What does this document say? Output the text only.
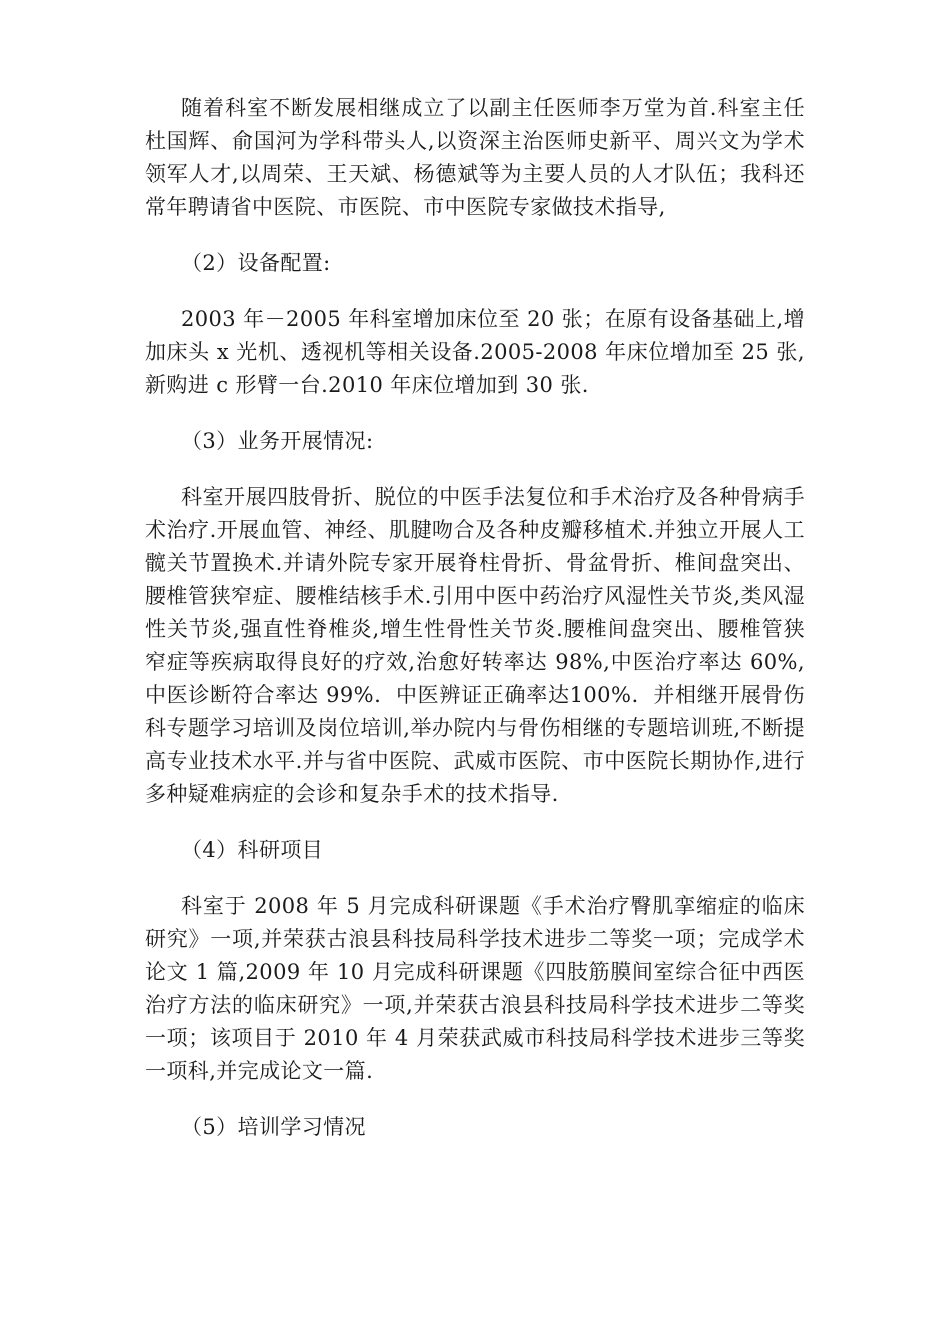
随着科室不断发展相继成立了以副主任医师李万堂为首.科室主任杜国辉、俞国河为学科带头人,以资深主治医师史新平、周兴文为学术领军人才,以周荣、王天斌、杨德斌等为主要人员的人才队伍；我科还常年聘请省中医院、市医院、市中医院专家做技术指导,

（2）设备配置:

2003 年－2005 年科室增加床位至 20 张；在原有设备基础上,增加床头 x 光机、透视机等相关设备.2005-2008 年床位增加至 25 张,新购进 c 形臂一台.2010 年床位增加到 30 张.

（3）业务开展情况:

科室开展四肢骨折、脱位的中医手法复位和手术治疗及各种骨病手术治疗.开展血管、神经、肌腱吻合及各种皮瓣移植术.并独立开展人工髋关节置换术.并请外院专家开展脊柱骨折、骨盆骨折、椎间盘突出、腰椎管狭窄症、腰椎结核手术.引用中医中药治疗风湿性关节炎,类风湿性关节炎,强直性脊椎炎,增生性骨性关节炎.腰椎间盘突出、腰椎管狭窄症等疾病取得良好的疗效,治愈好转率达 98%,中医治疗率达 60%,中医诊断符合率达 99%．中医辨证正确率达100%．并相继开展骨伤科专题学习培训及岗位培训,举办院内与骨伤相继的专题培训班,不断提高专业技术水平.并与省中医院、武威市医院、市中医院长期协作,进行多种疑难病症的会诊和复杂手术的技术指导.

（4）科研项目

科室于 2008 年 5 月完成科研课题《手术治疗臀肌挛缩症的临床研究》一项,并荣获古浪县科技局科学技术进步二等奖一项；完成学术论文 1 篇,2009 年 10 月完成科研课题《四肢筋膜间室综合征中西医治疗方法的临床研究》一项,并荣获古浪县科技局科学技术进步二等奖一项；该项目于 2010 年 4 月荣获武威市科技局科学技术进步三等奖一项科,并完成论文一篇.

（5）培训学习情况
